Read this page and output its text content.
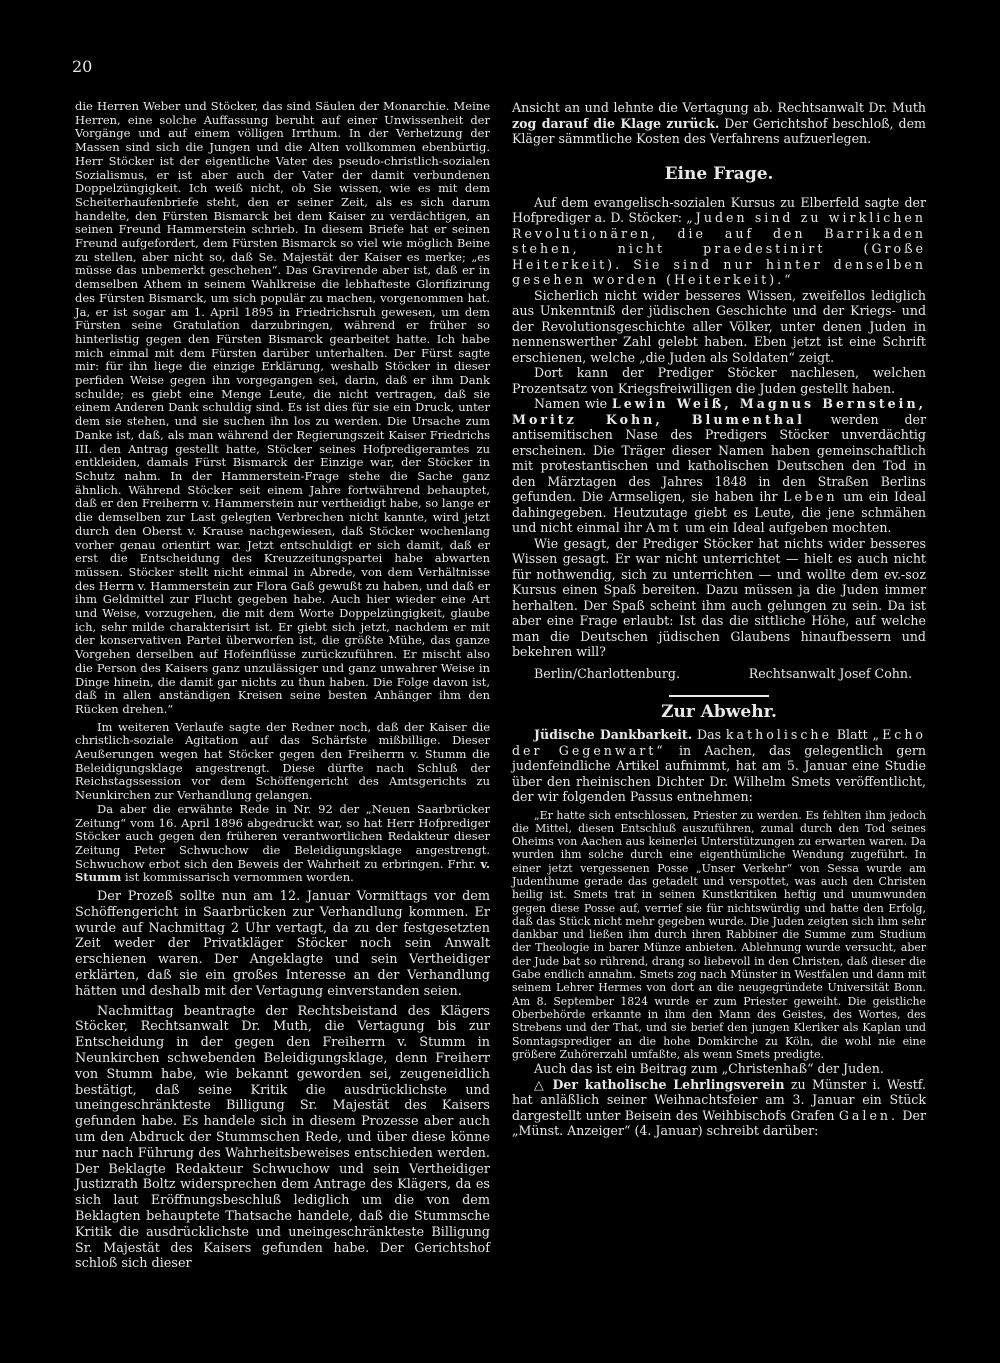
20

die Herren Weber und Stöcker, das sind Säulen der Monarchie. Meine Herren, eine solche Auffassung beruht auf einer Unwissenheit der Vorgänge und auf einem völligen Irrthum. In der Verhetzung der Massen sind sich die Jungen und die Alten vollkommen ebenbürtig. Herr Stöcker ist der eigentliche Vater des pseudo-christlich-sozialen Sozialismus, er ist aber auch der Vater der damit verbundenen Doppelzüngigkeit. Ich weiß nicht, ob Sie wissen, wie es mit dem Scheiterhaufenbriefe steht, den er seiner Zeit, als es sich darum handelte, den Fürsten Bismarck bei dem Kaiser zu verdächtigen, an seinen Freund Hammerstein schrieb. In diesem Briefe hat er seinen Freund aufgefordert, dem Fürsten Bismarck so viel wie möglich Beine zu stellen, aber nicht so, daß Se. Majestät der Kaiser es merke; „es müsse das unbemerkt geschehen“. Das Gravirende aber ist, daß er in demselben Athem in seinem Wahlkreise die lebhafteste Glorifizirung des Fürsten Bismarck, um sich populär zu machen, vorgenommen hat. Ja, er ist sogar am 1. April 1895 in Friedrichsruh gewesen, um dem Fürsten seine Gratulation darzubringen, während er früher so hinterlistig gegen den Fürsten Bismarck gearbeitet hatte. Ich habe mich einmal mit dem Fürsten darüber unterhalten. Der Fürst sagte mir: für ihn liege die einzige Erklärung, weshalb Stöcker in dieser perfiden Weise gegen ihn vorgegangen sei, darin, daß er ihm Dank schulde; es giebt eine Menge Leute, die nicht vertragen, daß sie einem Anderen Dank schuldig sind. Es ist dies für sie ein Druck, unter dem sie stehen, und sie suchen ihn los zu werden. Die Ursache zum Danke ist, daß, als man während der Regierungszeit Kaiser Friedrichs III. den Antrag gestellt hatte, Stöcker seines Hofpredigeramtes zu entkleiden, damals Fürst Bismarck der Einzige war, der Stöcker in Schutz nahm. In der Hammerstein-Frage stehe die Sache ganz ähnlich. Während Stöcker seit einem Jahre fortwährend behauptet, daß er den Freiherrn v. Hammerstein nur vertheidigt habe, so lange er die demselben zur Last gelegten Verbrechen nicht kannte, wird jetzt durch den Oberst v. Krause nachgewiesen, daß Stöcker wochenlang vorher genau orientirt war. Jetzt entschuldigt er sich damit, daß er erst die Entscheidung des Kreuzzeitungspartei habe abwarten müssen. Stöcker stellt nicht einmal in Abrede, von dem Verhältnisse des Herrn v. Hammerstein zur Flora Gaß gewußt zu haben, und daß er ihm Geldmittel zur Flucht gegeben habe. Auch hier wieder eine Art und Weise, vorzugehen, die mit dem Worte Doppelzüngigkeit, glaube ich, sehr milde charakterisirt ist. Er giebt sich jetzt, nachdem er mit der konservativen Partei überworfen ist, die größte Mühe, das ganze Vorgehen derselben auf Hofeinflüsse zurückzuführen. Er mischt also die Person des Kaisers ganz unzulässiger und ganz unwahrer Weise in Dinge hinein, die damit gar nichts zu thun haben. Die Folge davon ist, daß in allen anständigen Kreisen seine besten Anhänger ihm den Rücken drehen.“

Im weiteren Verlaufe sagte der Redner noch, daß der Kaiser die christlich-soziale Agitation auf das Schärfste mißbillige. Dieser Aeußerungen wegen hat Stöcker gegen den Freiherrn v. Stumm die Beleidigungsklage angestrengt. Diese dürfte nach Schluß der Reichstagssession vor dem Schöffengericht des Amtsgerichts zu Neunkirchen zur Verhandlung gelangen.

Da aber die erwähnte Rede in Nr. 92 der „Neuen Saarbrücker Zeitung“ vom 16. April 1896 abgedruckt war, so hat Herr Hofprediger Stöcker auch gegen den früheren verantwortlichen Redakteur dieser Zeitung Peter Schwuchow die Beleidigungsklage angestrengt. Schwuchow erbot sich den Beweis der Wahrheit zu erbringen. Frhr. v. Stumm ist kommissarisch vernommen worden.

Der Prozeß sollte nun am 12. Januar Vormittags vor dem Schöffengericht in Saarbrücken zur Verhandlung kommen. Er wurde auf Nachmittag 2 Uhr vertagt, da zu der festgesetzten Zeit weder der Privatkläger Stöcker noch sein Anwalt erschienen waren. Der Angeklagte und sein Vertheidiger erklärten, daß sie ein großes Interesse an der Verhandlung hätten und deshalb mit der Vertagung einverstanden seien.

Nachmittag beantragte der Rechtsbeistand des Klägers Stöcker, Rechtsanwalt Dr. Muth, die Vertagung bis zur Entscheidung in der gegen den Freiherrn v. Stumm in Neunkirchen schwebenden Beleidigungsklage, denn Freiherr von Stumm habe, wie bekannt geworden sei, zeugeneidlich bestätigt, daß seine Kritik die ausdrücklichste und uneingeschränkteste Billigung Sr. Majestät des Kaisers gefunden habe. Es handele sich in diesem Prozesse aber auch um den Abdruck der Stummschen Rede, und über diese könne nur nach Führung des Wahrheitsbeweises entschieden werden. Der Beklagte Redakteur Schwuchow und sein Vertheidiger Justizrath Boltz widersprechen dem Antrage des Klägers, da es sich laut Eröffnungsbeschluß lediglich um die von dem Beklagten behauptete Thatsache handele, daß die Stummsche Kritik die ausdrücklichste und uneingeschränkteste Billigung Sr. Majestät des Kaisers gefunden habe. Der Gerichtshof schloß sich dieser

Ansicht an und lehnte die Vertagung ab. Rechtsanwalt Dr. Muth zog darauf die Klage zurück. Der Gerichtshof beschloß, dem Kläger sämmtliche Kosten des Verfahrens aufzuerlegen.

Eine Frage.

Auf dem evangelisch-sozialen Kursus zu Elberfeld sagte der Hofprediger a. D. Stöcker: „Juden sind zu wirklichen Revolutionären, die auf den Barrikaden stehen, nicht praedestinirt (Große Heiterkeit). Sie sind nur hinter denselben gesehen worden (Heiterkeit).“

Sicherlich nicht wider besseres Wissen, zweifellos lediglich aus Unkenntniß der jüdischen Geschichte und der Kriegs- und der Revolutionsgeschichte aller Völker, unter denen Juden in nennenswerther Zahl gelebt haben. Eben jetzt ist eine Schrift erschienen, welche „die Juden als Soldaten“ zeigt.

Dort kann der Prediger Stöcker nachlesen, welchen Prozentsatz von Kriegsfreiwilligen die Juden gestellt haben.

Namen wie Lewin Weiß, Magnus Bernstein, Moritz Kohn, Blumenthal werden der antisemitischen Nase des Predigers Stöcker unverdächtig erscheinen. Die Träger dieser Namen haben gemeinschaftlich mit protestantischen und katholischen Deutschen den Tod in den Märztagen des Jahres 1848 in den Straßen Berlins gefunden. Die Armseligen, sie haben ihr Leben um ein Ideal dahingegeben. Heutzutage giebt es Leute, die jene schmähen und nicht einmal ihr Amt um ein Ideal aufgeben mochten.

Wie gesagt, der Prediger Stöcker hat nichts wider besseres Wissen gesagt. Er war nicht unterrichtet — hielt es auch nicht für nothwendig, sich zu unterrichten — und wollte dem ev.-soz Kursus einen Spaß bereiten. Dazu müssen ja die Juden immer herhalten. Der Spaß scheint ihm auch gelungen zu sein. Da ist aber eine Frage erlaubt: Ist das die sittliche Höhe, auf welche man die Deutschen jüdischen Glaubens hinaufbessern und bekehren will?

Berlin/Charlottenburg.	Rechtsanwalt Josef Cohn.
Zur Abwehr.

Jüdische Dankbarkeit. Das katholische Blatt „Echo der Gegenwart“ in Aachen, das gelegentlich gern judenfeindliche Artikel aufnimmt, hat am 5. Januar eine Studie über den rheinischen Dichter Dr. Wilhelm Smets veröffentlicht, der wir folgenden Passus entnehmen:

„Er hatte sich entschlossen, Priester zu werden. Es fehlten ihm jedoch die Mittel, diesen Entschluß auszuführen, zumal durch den Tod seines Oheims von Aachen aus keinerlei Unterstützungen zu erwarten waren. Da wurden ihm solche durch eine eigenthümliche Wendung zugeführt. In einer jetzt vergessenen Posse „Unser Verkehr“ von Sessa wurde am Judenthume gerade das getadelt und verspottet, was auch den Christen heilig ist. Smets trat in seinen Kunstkritiken heftig und unumwunden gegen diese Posse auf, verrief sie für nichtswürdig und hatte den Erfolg, daß das Stück nicht mehr gegeben wurde. Die Juden zeigten sich ihm sehr dankbar und ließen ihm durch ihren Rabbiner die Summe zum Studium der Theologie in barer Münze anbieten. Ablehnung wurde versucht, aber der Jude bat so rührend, drang so liebevoll in den Christen, daß dieser die Gabe endlich annahm. Smets zog nach Münster in Westfalen und dann mit seinem Lehrer Hermes von dort an die neugegründete Universität Bonn. Am 8. September 1824 wurde er zum Priester geweiht. Die geistliche Oberbehörde erkannte in ihm den Mann des Geistes, des Wortes, des Strebens und der That, und sie berief den jungen Kleriker als Kaplan und Sonntagsprediger an die hohe Domkirche zu Köln, die wohl nie eine größere Zuhörerzahl umfaßte, als wenn Smets predigte.

Auch das ist ein Beitrag zum „Christenhaß“ der Juden.

△ Der katholische Lehrlingsverein zu Münster i. Westf. hat anläßlich seiner Weihnachtsfeier am 3. Januar ein Stück dargestellt unter Beisein des Weihbischofs Grafen Galen. Der „Münst. Anzeiger“ (4. Januar) schreibt darüber:
